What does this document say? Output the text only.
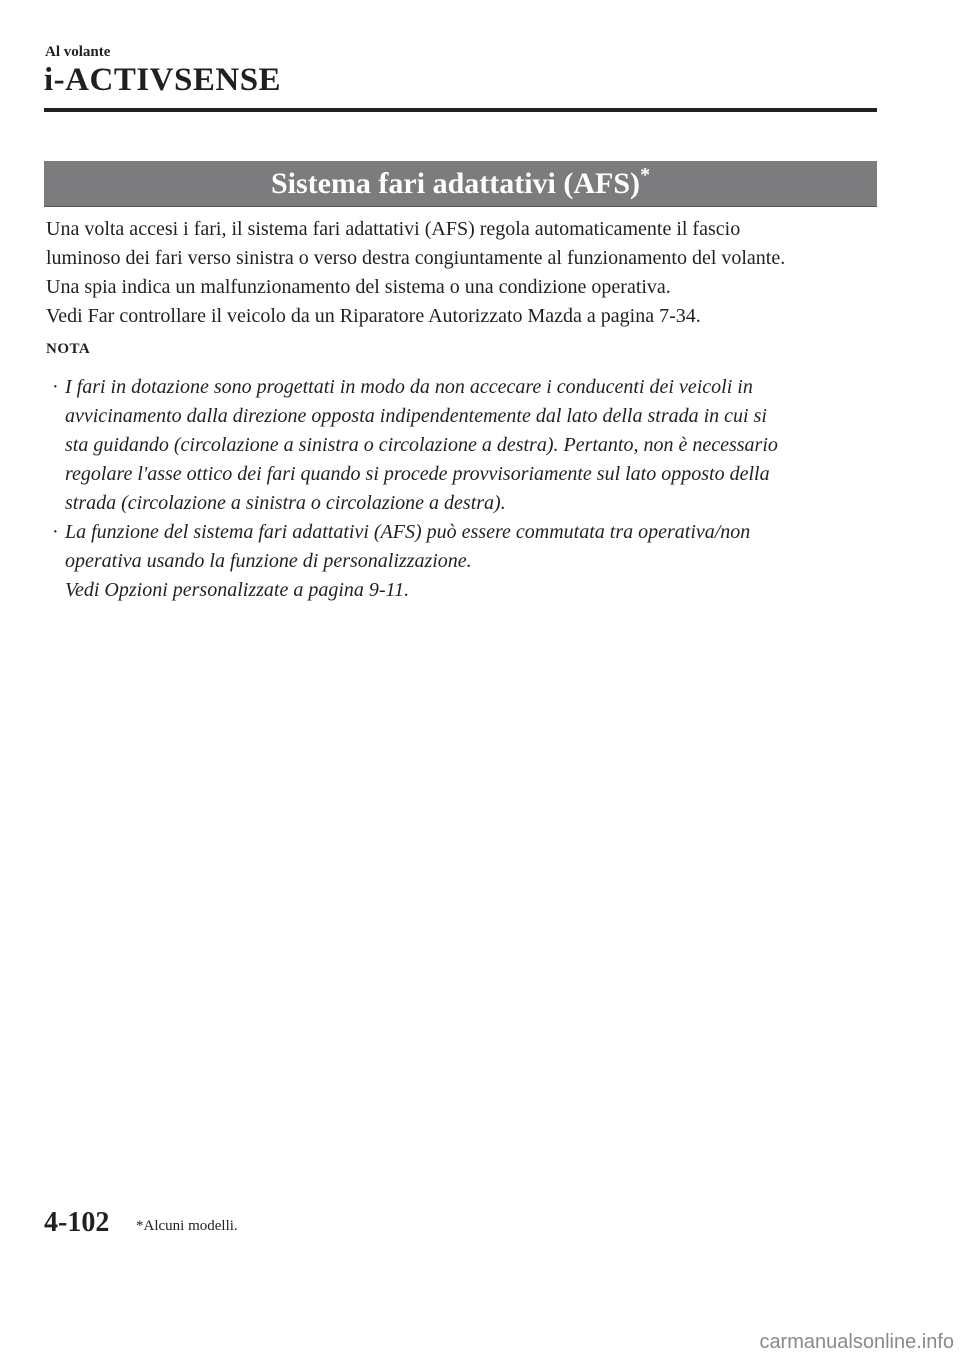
Al volante
i-ACTIVSENSE
Sistema fari adattativi (AFS)*

Una volta accesi i fari, il sistema fari adattativi (AFS) regola automaticamente il fascio

luminoso dei fari verso sinistra o verso destra congiuntamente al funzionamento del volante.

Una spia indica un malfunzionamento del sistema o una condizione operativa.

Vedi Far controllare il veicolo da un Riparatore Autorizzato Mazda a pagina 7-34.

NOTA
· I fari in dotazione sono progettati in modo da non accecare i conducenti dei veicoli in
avvicinamento dalla direzione opposta indipendentemente dal lato della strada in cui si
sta guidando (circolazione a sinistra o circolazione a destra). Pertanto, non è necessario
regolare l'asse ottico dei fari quando si procede provvisoriamente sul lato opposto della
strada (circolazione a sinistra o circolazione a destra).
· La funzione del sistema fari adattativi (AFS) può essere commutata tra operativa/non
operativa usando la funzione di personalizzazione.
Vedi Opzioni personalizzate a pagina 9-11.
4-102 *Alcuni modelli.
carmanualsonline.info
